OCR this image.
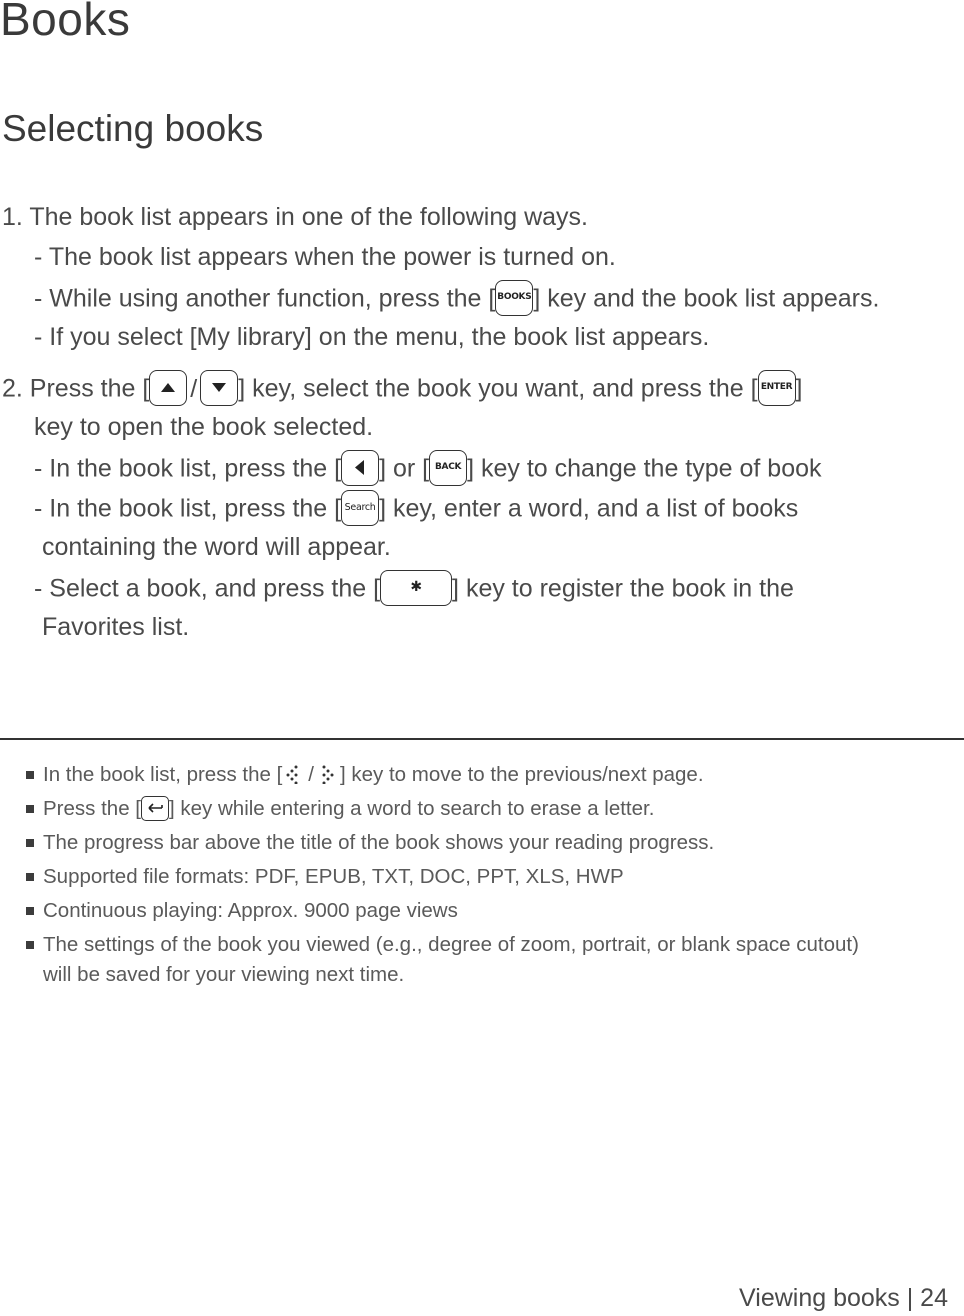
Books
Selecting books
1. The book list appears in one of the following ways.
- The book list appears when the power is turned on.
- While using another function, press the [ BOOKS] key and the book list appears.
- If you select [My library] on the menu, the book list appears.
2. Press the [ / ] key, select the book you want, and press the [ ENTER ]
key to open the book selected.
- In the book list, press the [ ] or [ BACK ] key to change the type of book
- In the book list, press the [ Search ] key, enter a word, and a list of books
containing the word will appear.
- Select a book, and press the [ ✱ ] key to register the book in the
Favorites list.
In the book list, press the [ / ] key to move to the previous/next page.
Press the [ ] key while entering a word to search to erase a letter.
The progress bar above the title of the book shows your reading progress.
Supported file formats: PDF, EPUB, TXT, DOC, PPT, XLS, HWP
Continuous playing: Approx. 9000 page views
The settings of the book you viewed (e.g., degree of zoom, portrait, or blank space cutout)
will be saved for your viewing next time.
Viewing books | 24
